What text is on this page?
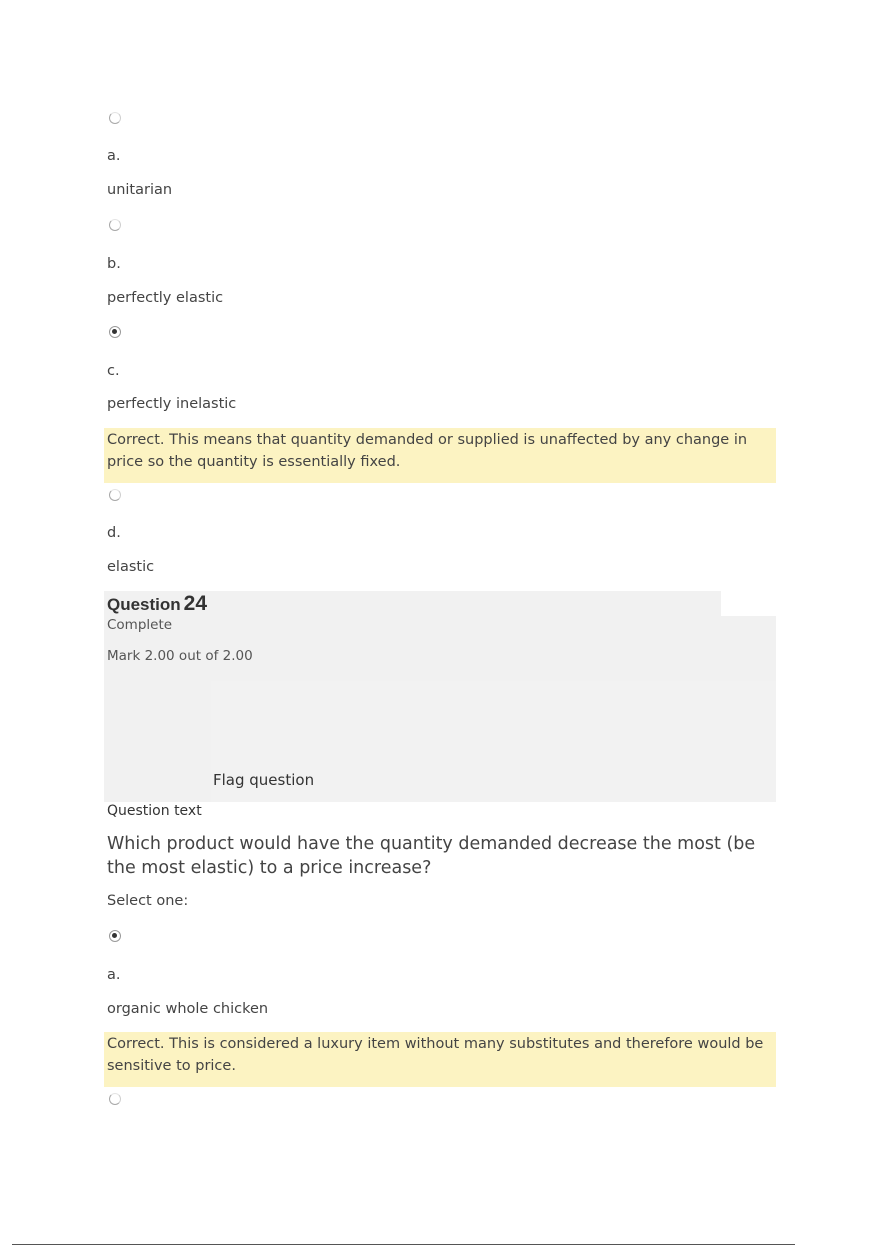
a.
unitarian
b.
perfectly elastic
c.
perfectly inelastic
Correct. This means that quantity demanded or supplied is unaffected by any change in price so the quantity is essentially fixed.
d.
elastic
Question 24
Complete
Mark 2.00 out of 2.00
Flag question
Question text
Which product would have the quantity demanded decrease the most (be the most elastic) to a price increase?
Select one:
a.
organic whole chicken
Correct. This is considered a luxury item without many substitutes and therefore would be sensitive to price.
